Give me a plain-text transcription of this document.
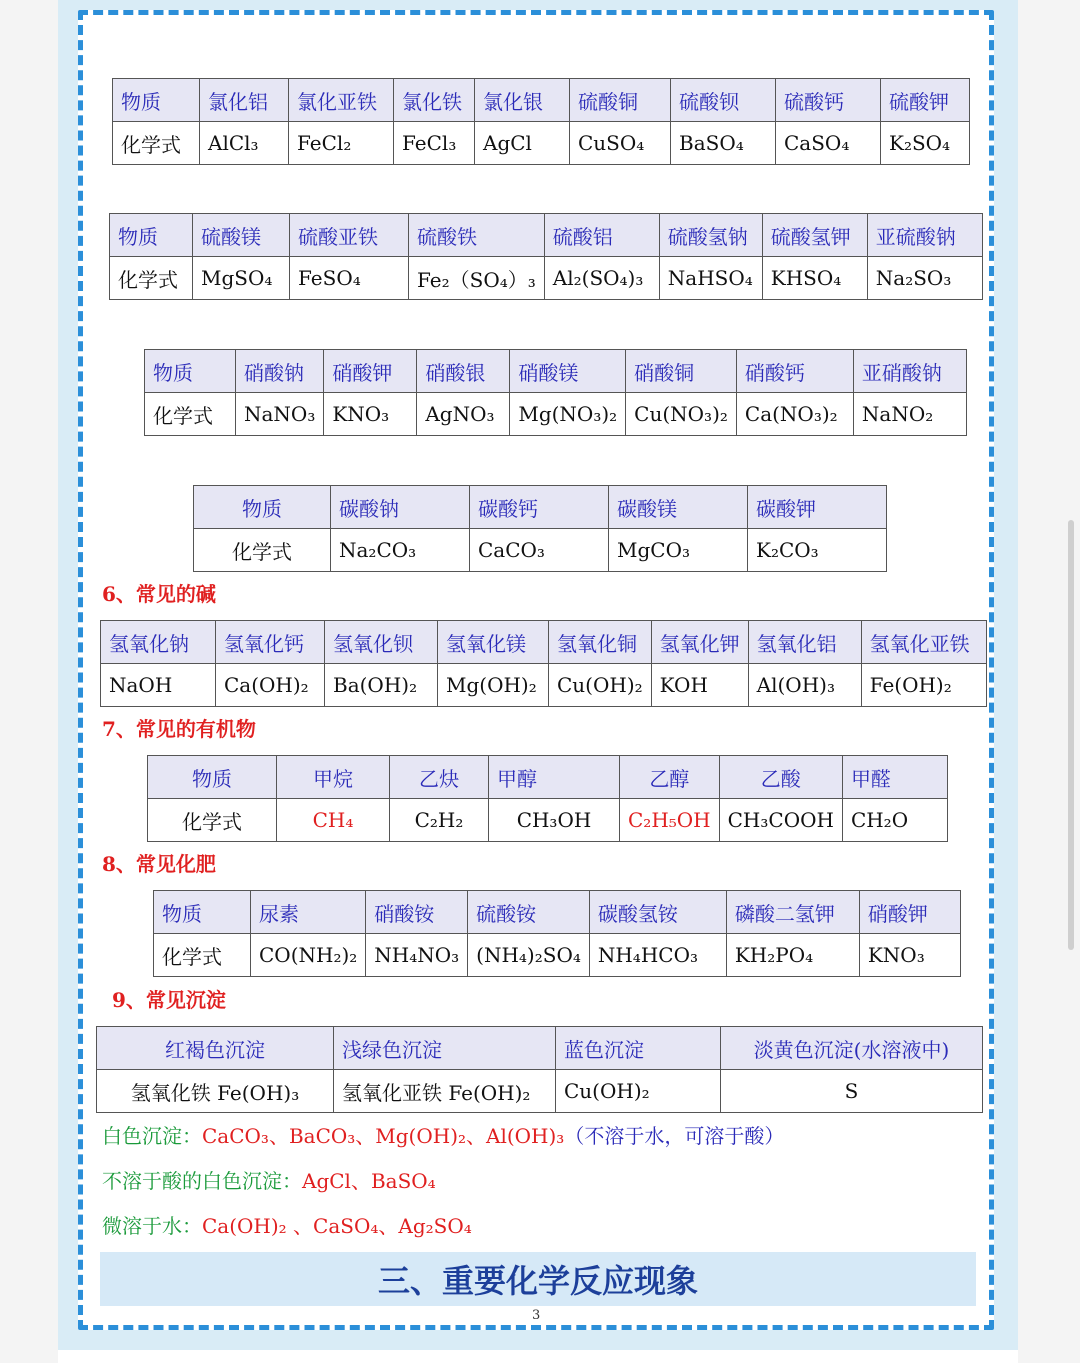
物质	氯化铝	氯化亚铁	氯化铁	氯化银	硫酸铜	硫酸钡	硫酸钙	硫酸钾
化学式	AlCl₃	FeCl₂	FeCl₃	AgCl	CuSO₄	BaSO₄	CaSO₄	K₂SO₄
物质	硫酸镁	硫酸亚铁	硫酸铁	硫酸铝	硫酸氢钠	硫酸氢钾	亚硫酸钠
化学式	MgSO₄	FeSO₄	Fe₂（SO₄）₃	Al₂(SO₄)₃	NaHSO₄	KHSO₄	Na₂SO₃
物质	硝酸钠	硝酸钾	硝酸银	硝酸镁	硝酸铜	硝酸钙	亚硝酸钠
化学式	NaNO₃	KNO₃	AgNO₃	Mg(NO₃)₂	Cu(NO₃)₂	Ca(NO₃)₂	NaNO₂
物质	碳酸钠	碳酸钙	碳酸镁	碳酸钾
化学式	Na₂CO₃	CaCO₃	MgCO₃	K₂CO₃
6、常见的碱
氢氧化钠	氢氧化钙	氢氧化钡	氢氧化镁	氢氧化铜	氢氧化钾	氢氧化铝	氢氧化亚铁
NaOH	Ca(OH)₂	Ba(OH)₂	Mg(OH)₂	Cu(OH)₂	KOH	Al(OH)₃	Fe(OH)₂
7、常见的有机物
物质	甲烷	乙炔	甲醇	乙醇	乙酸	甲醛
化学式	CH₄	C₂H₂	CH₃OH	C₂H₅OH	CH₃COOH	CH₂O
8、常见化肥
物质	尿素	硝酸铵	硫酸铵	碳酸氢铵	磷酸二氢钾	硝酸钾
化学式	CO(NH₂)₂	NH₄NO₃	(NH₄)₂SO₄	NH₄HCO₃	KH₂PO₄	KNO₃
9、常见沉淀
红褐色沉淀	浅绿色沉淀	蓝色沉淀	淡黄色沉淀(水溶液中)
氢氧化铁 Fe(OH)₃	氢氧化亚铁 Fe(OH)₂	Cu(OH)₂	S
白色沉淀：CaCO₃、BaCO₃、Mg(OH)₂、Al(OH)₃（不溶于水，可溶于酸）
不溶于酸的白色沉淀：AgCl、BaSO₄
微溶于水：Ca(OH)₂ 、CaSO₄、Ag₂SO₄
三、重要化学反应现象
3
